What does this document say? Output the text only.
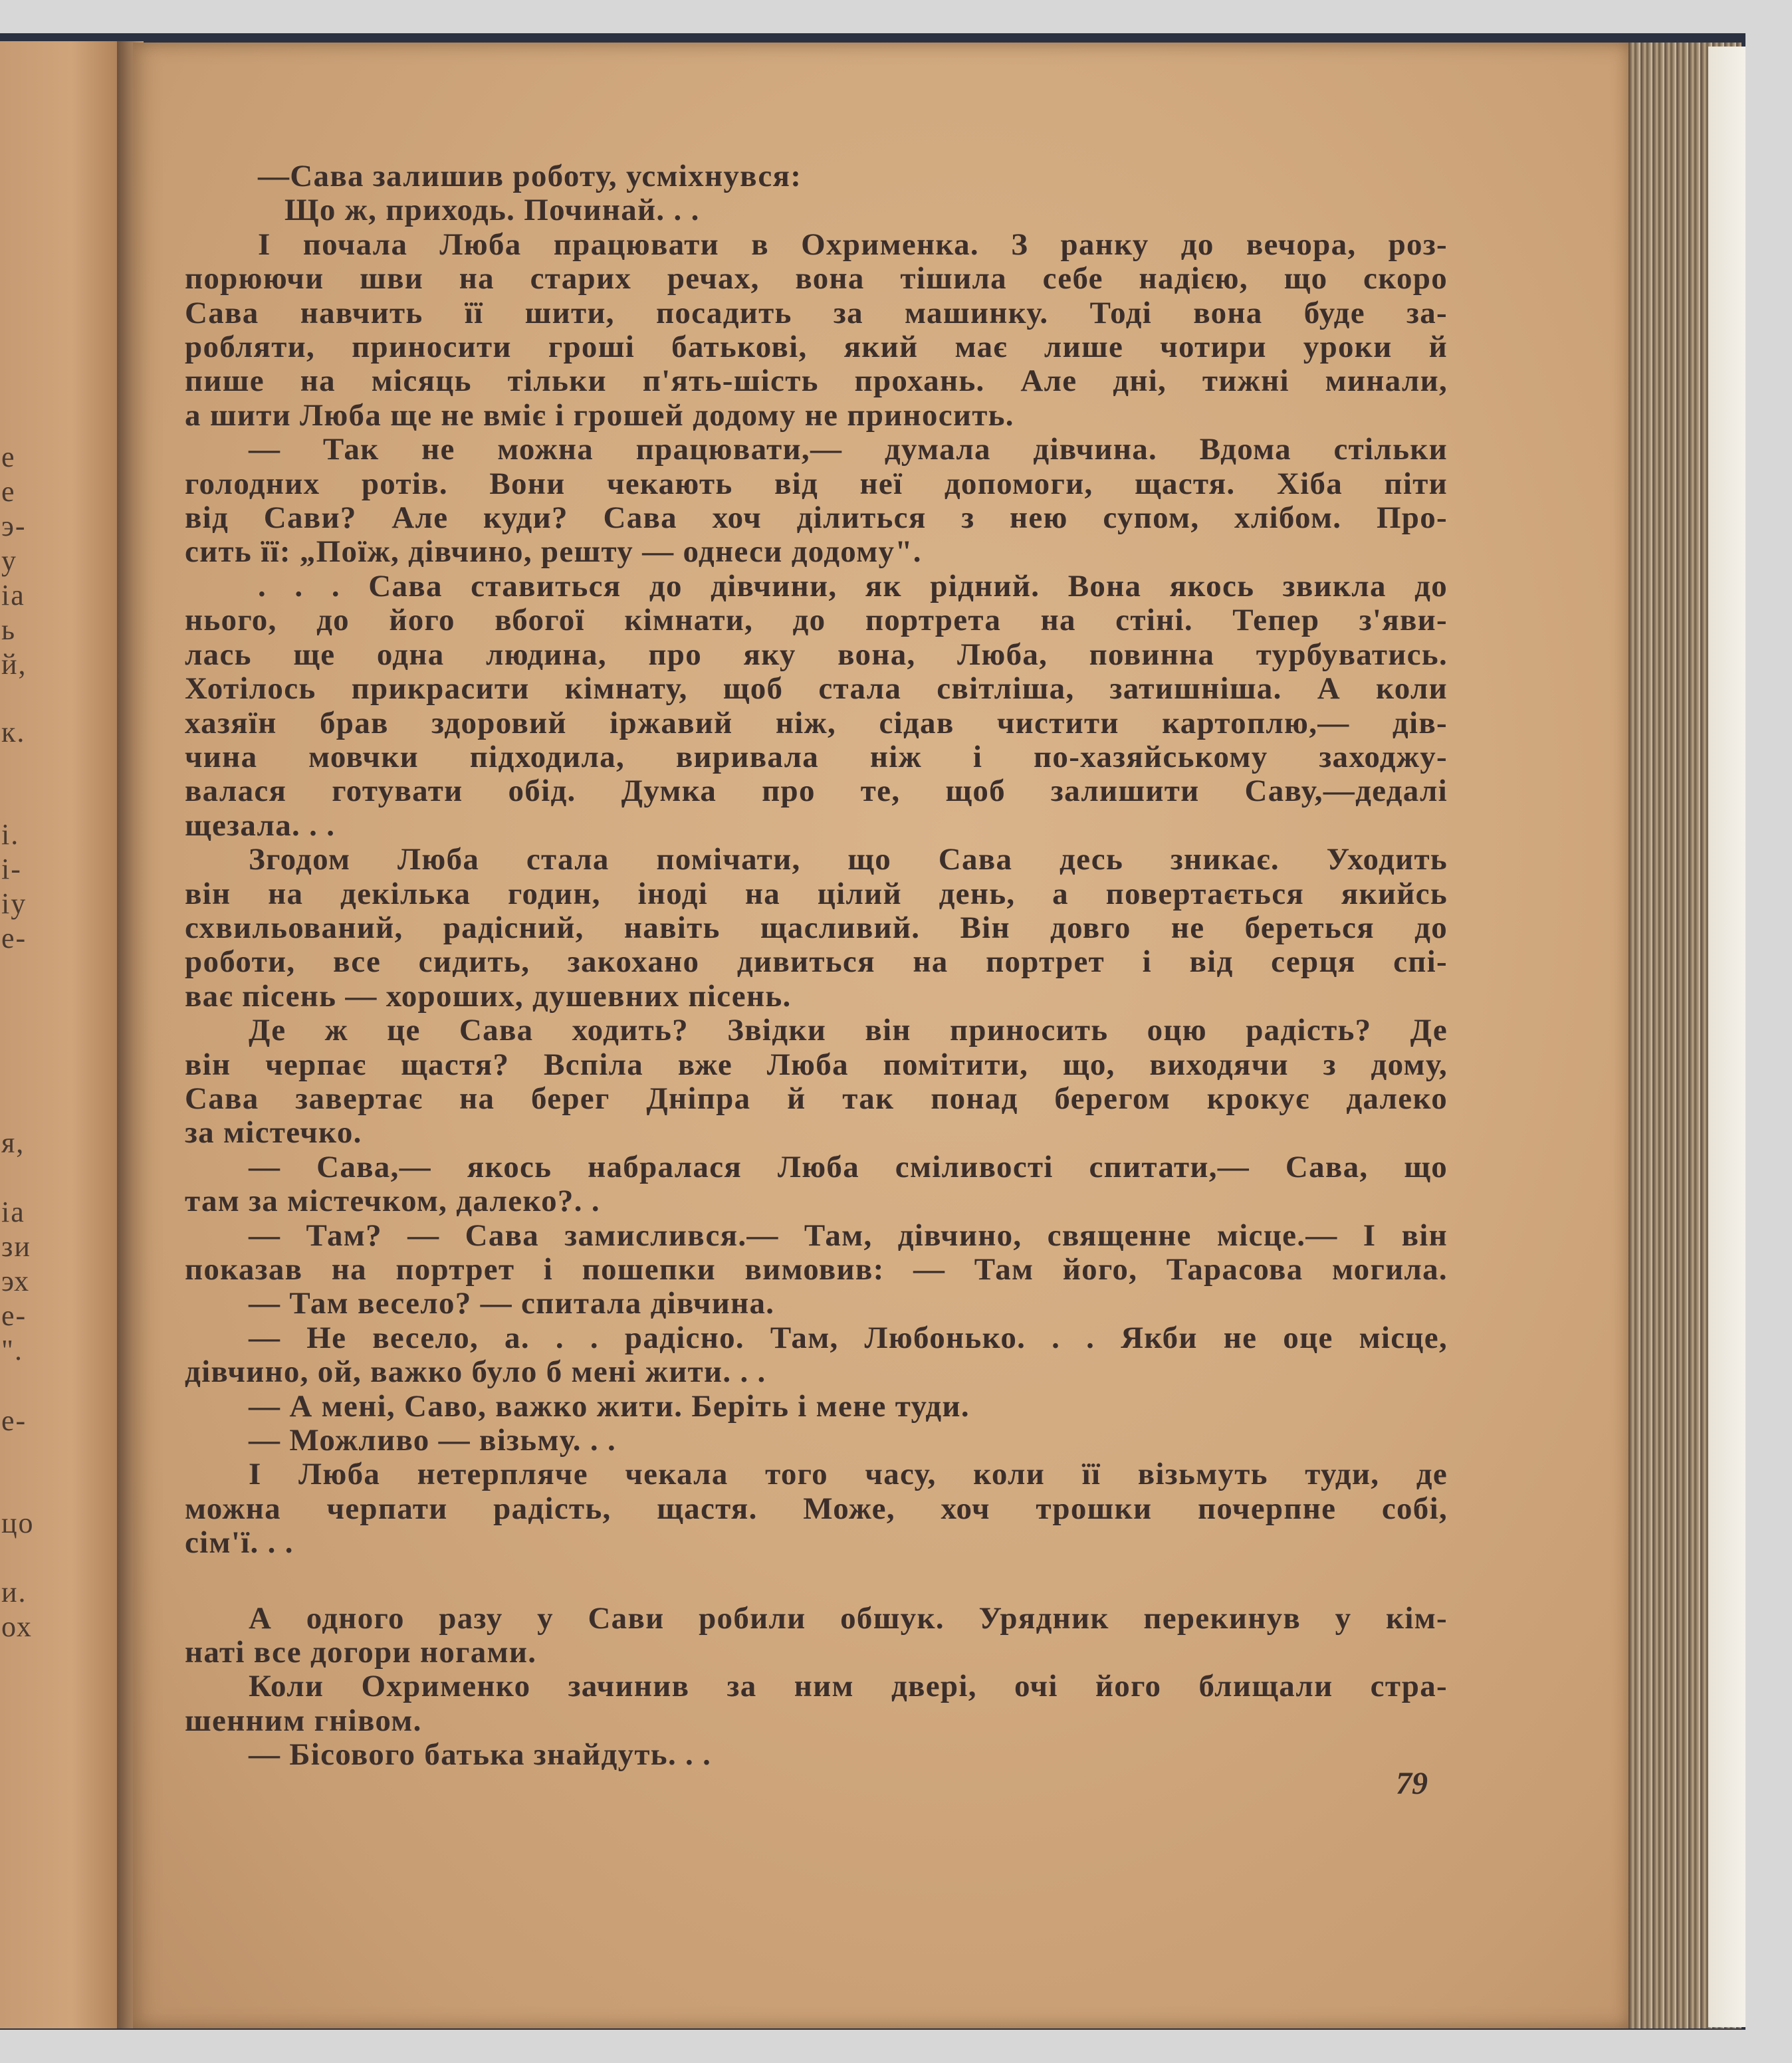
е
е
э-
у
іа
ь
й,
к.
і.
і-
іу
е-
я,
іа
зи
эх
е-
".
е-
цо
и.
ох
—Сава залишив роботу, усміхнувся:
Що ж, приходь. Починай. . .
І почала Люба працювати в Охрименка. З ранку до вечора, роз-
порюючи шви на старих речах, вона тішила себе надією, що скоро
Сава навчить її шити, посадить за машинку. Тоді вона буде за-
робляти, приносити гроші батькові, який має лише чотири уроки й
пише на місяць тільки п'ять-шість прохань. Але дні, тижні минали,
а шити Люба ще не вміє і грошей додому не приносить.
— Так не можна працювати,— думала дівчина. Вдома стільки
голодних ротів. Вони чекають від неї допомоги, щастя. Хіба піти
від Сави? Але куди? Сава хоч ділиться з нею супом, хлібом. Про-
сить її: „Поїж, дівчино, решту — однеси додому".
. . . Сава ставиться до дівчини, як рідний. Вона якось звикла до
нього, до його вбогої кімнати, до портрета на стіні. Тепер з'яви-
лась ще одна людина, про яку вона, Люба, повинна турбуватись.
Хотілось прикрасити кімнату, щоб стала світліша, затишніша. А коли
хазяїн брав здоровий іржавий ніж, сідав чистити картоплю,— дів-
чина мовчки підходила, виривала ніж і по-хазяйському заходжу-
валася готувати обід. Думка про те, щоб залишити Саву,—дедалі
щезала. . .
Згодом Люба стала помічати, що Сава десь зникає. Уходить
він на декілька годин, іноді на цілий день, а повертається якийсь
схвильований, радісний, навіть щасливий. Він довго не береться до
роботи, все сидить, закохано дивиться на портрет і від серця спі-
ває пісень — хороших, душевних пісень.
Де ж це Сава ходить? Звідки він приносить оцю радість? Де
він черпає щастя? Вспіла вже Люба помітити, що, виходячи з дому,
Сава завертає на берег Дніпра й так понад берегом крокує далеко
за містечко.
— Сава,— якось набралася Люба сміливості спитати,— Сава, що
там за містечком, далеко?. .
— Там? — Сава замислився.— Там, дівчино, священне місце.— І він
показав на портрет і пошепки вимовив: — Там його, Тарасова могила.
— Там весело? — спитала дівчина.
— Не весело, а. . . радісно. Там, Любонько. . . Якби не оце місце,
дівчино, ой, важко було б мені жити. . .
— А мені, Саво, важко жити. Беріть і мене туди.
— Можливо — візьму. . .
І Люба нетерпляче чекала того часу, коли її візьмуть туди, де
можна черпати радість, щастя. Може, хоч трошки почерпне собі,
сім'ї. . .
А одного разу у Сави робили обшук. Урядник перекинув у кім-
наті все догори ногами.
Коли Охрименко зачинив за ним двері, очі його блищали стра-
шенним гнівом.
— Бісового батька знайдуть. . .
79
